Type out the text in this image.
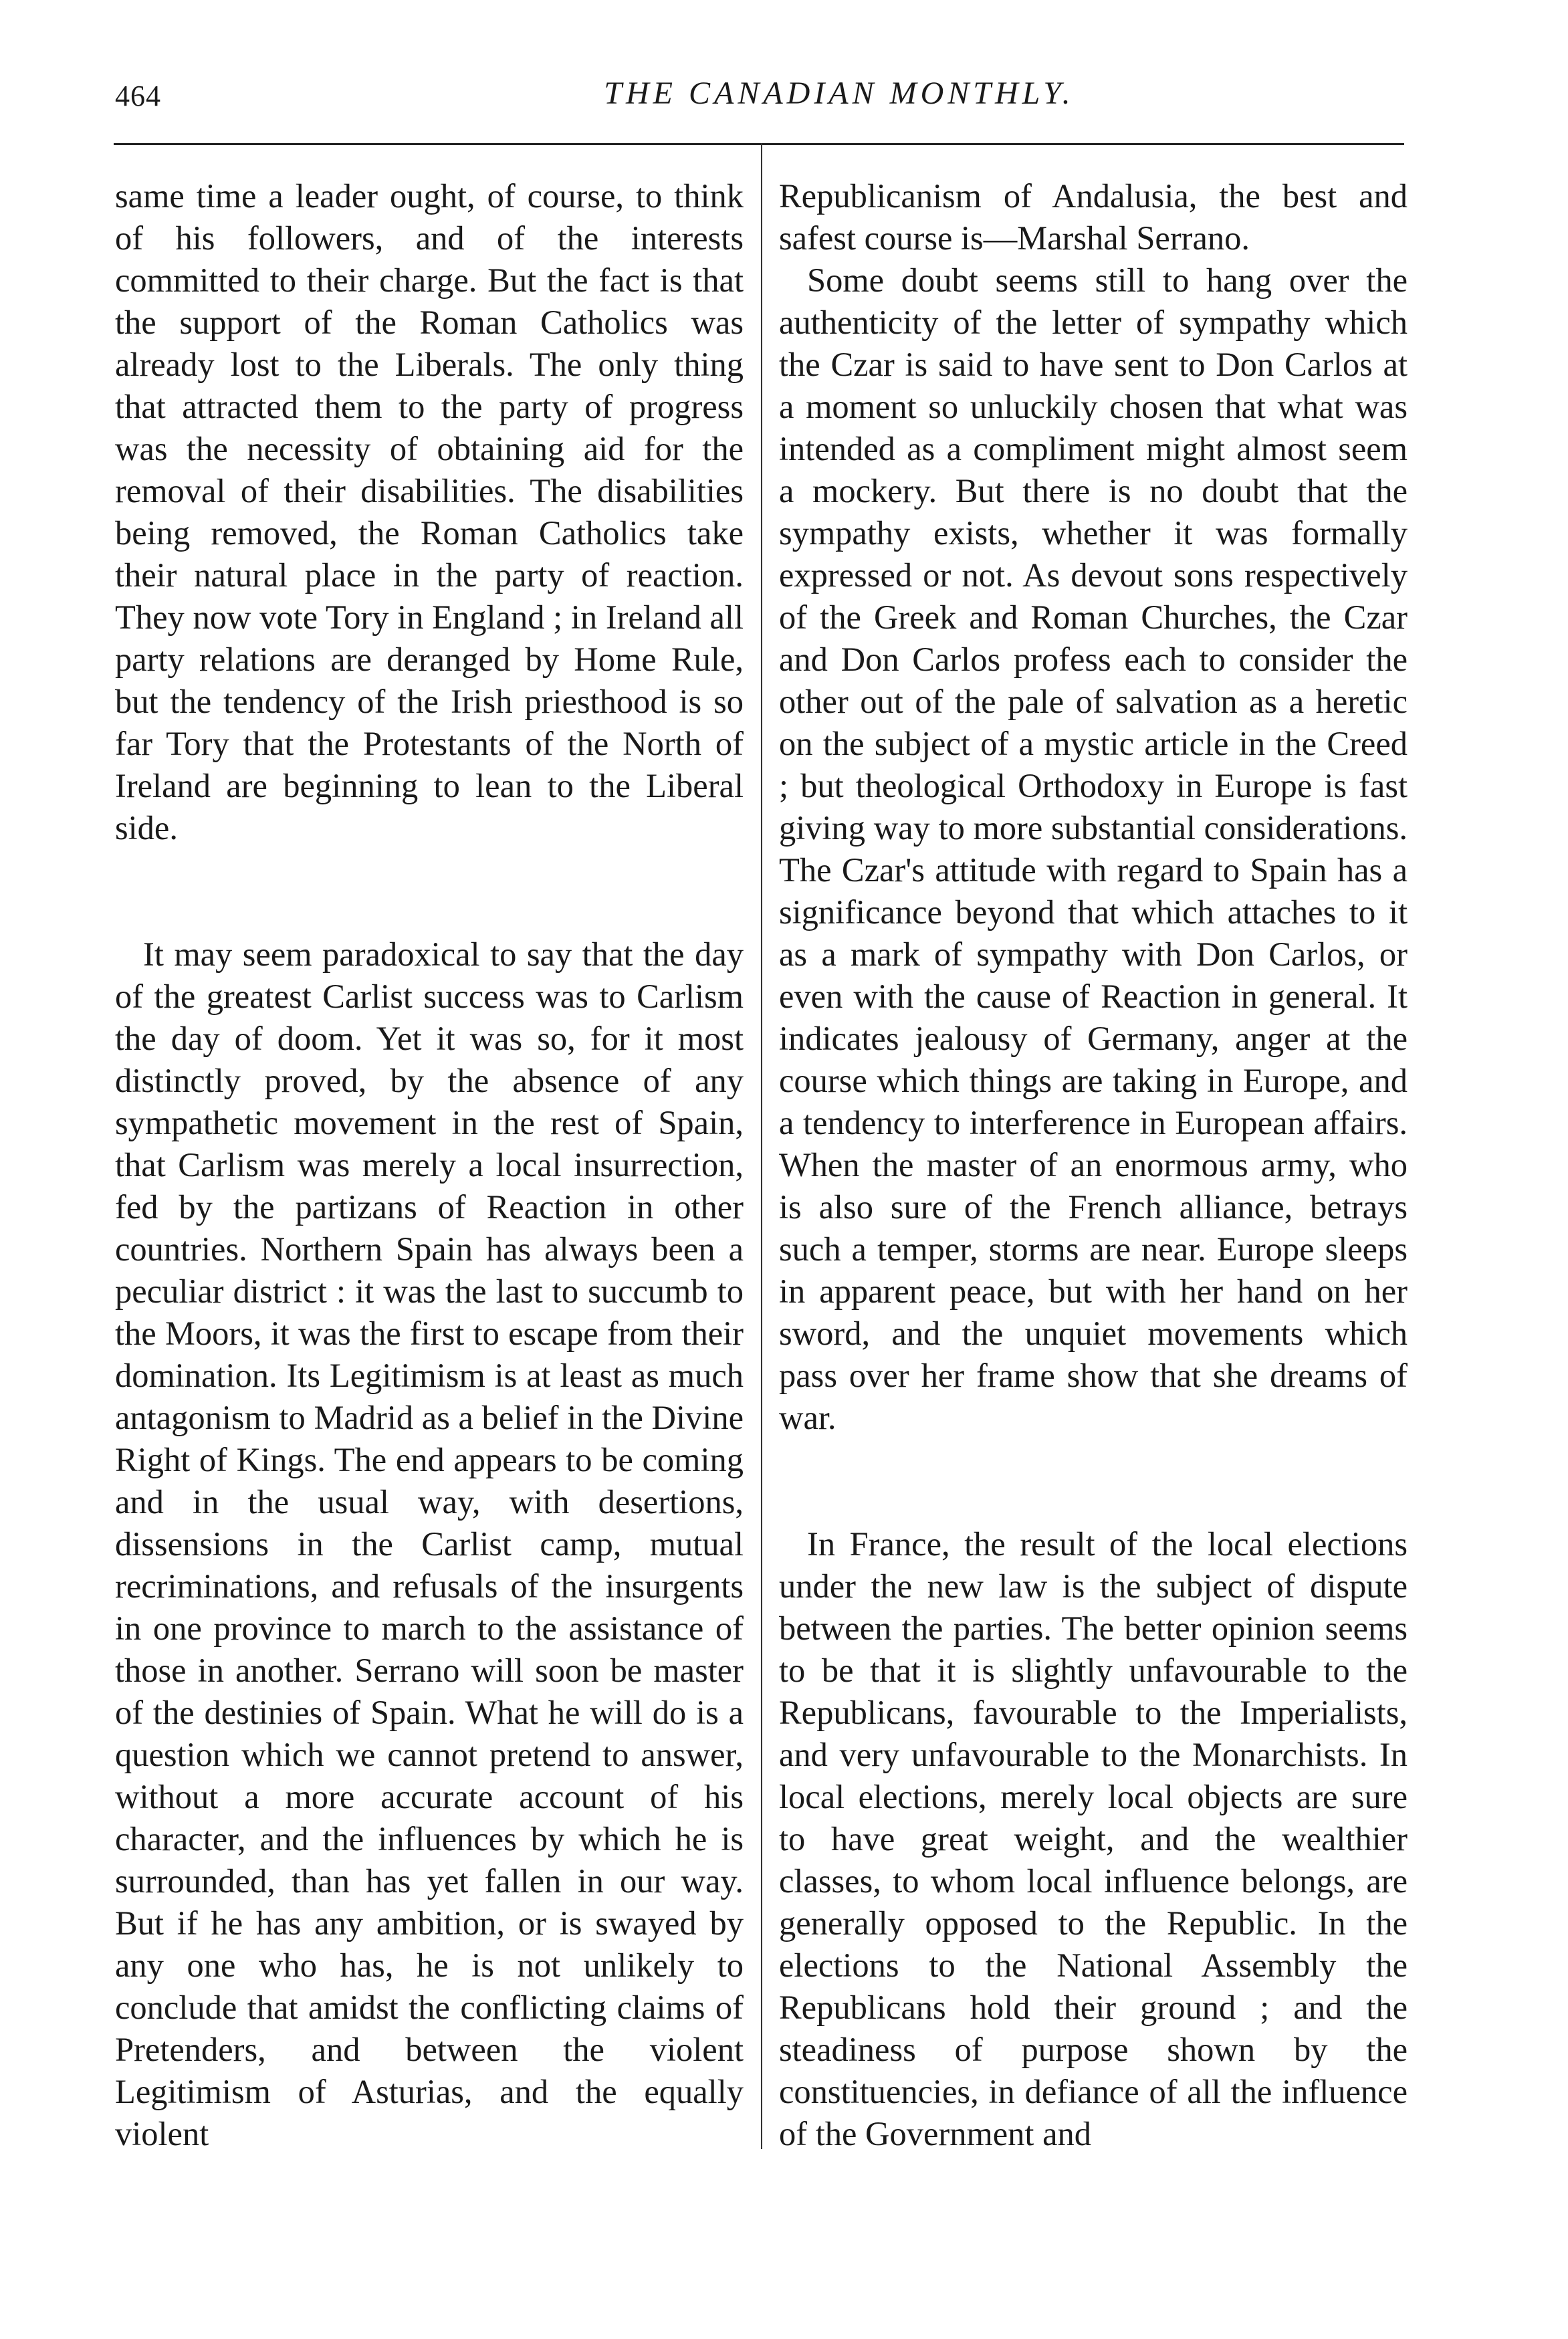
464	THE CANADIAN MONTHLY.

same time a leader ought, of course, to think of his followers, and of the interests committed to their charge. But the fact is that the support of the Roman Catholics was already lost to the Liberals. The only thing that attracted them to the party of progress was the necessity of obtaining aid for the removal of their disabilities. The disabilities being removed, the Roman Catholics take their natural place in the party of reaction. They now vote Tory in England ; in Ireland all party relations are deranged by Home Rule, but the tendency of the Irish priesthood is so far Tory that the Protestants of the North of Ireland are beginning to lean to the Liberal side.

It may seem paradoxical to say that the day of the greatest Carlist success was to Carlism the day of doom. Yet it was so, for it most distinctly proved, by the absence of any sympathetic movement in the rest of Spain, that Carlism was merely a local insurrection, fed by the partizans of Reaction in other countries. Northern Spain has always been a peculiar district : it was the last to succumb to the Moors, it was the first to escape from their domination. Its Legitimism is at least as much antagonism to Madrid as a belief in the Divine Right of Kings. The end appears to be coming and in the usual way, with desertions, dissensions in the Carlist camp, mutual recriminations, and refusals of the insurgents in one province to march to the assistance of those in another. Serrano will soon be master of the destinies of Spain. What he will do is a question which we cannot pretend to answer, without a more accurate account of his character, and the influences by which he is surrounded, than has yet fallen in our way. But if he has any ambition, or is swayed by any one who has, he is not unlikely to conclude that amidst the conflicting claims of Pretenders, and between the violent Legitimism of Asturias, and the equally violent

Republicanism of Andalusia, the best and safest course is—Marshal Serrano.

Some doubt seems still to hang over the authenticity of the letter of sympathy which the Czar is said to have sent to Don Carlos at a moment so unluckily chosen that what was intended as a compliment might almost seem a mockery. But there is no doubt that the sympathy exists, whether it was formally expressed or not. As devout sons respectively of the Greek and Roman Churches, the Czar and Don Carlos profess each to consider the other out of the pale of salvation as a heretic on the subject of a mystic article in the Creed ; but theological Orthodoxy in Europe is fast giving way to more substantial considerations. The Czar's attitude with regard to Spain has a significance beyond that which attaches to it as a mark of sympathy with Don Carlos, or even with the cause of Reaction in general. It indicates jealousy of Germany, anger at the course which things are taking in Europe, and a tendency to interference in European affairs. When the master of an enormous army, who is also sure of the French alliance, betrays such a temper, storms are near. Europe sleeps in apparent peace, but with her hand on her sword, and the unquiet movements which pass over her frame show that she dreams of war.

In France, the result of the local elections under the new law is the subject of dispute between the parties. The better opinion seems to be that it is slightly unfavourable to the Republicans, favourable to the Imperialists, and very unfavourable to the Monarchists. In local elections, merely local objects are sure to have great weight, and the wealthier classes, to whom local influence belongs, are generally opposed to the Republic. In the elections to the National Assembly the Republicans hold their ground ; and the steadiness of purpose shown by the constituencies, in defiance of all the influence of the Government and
